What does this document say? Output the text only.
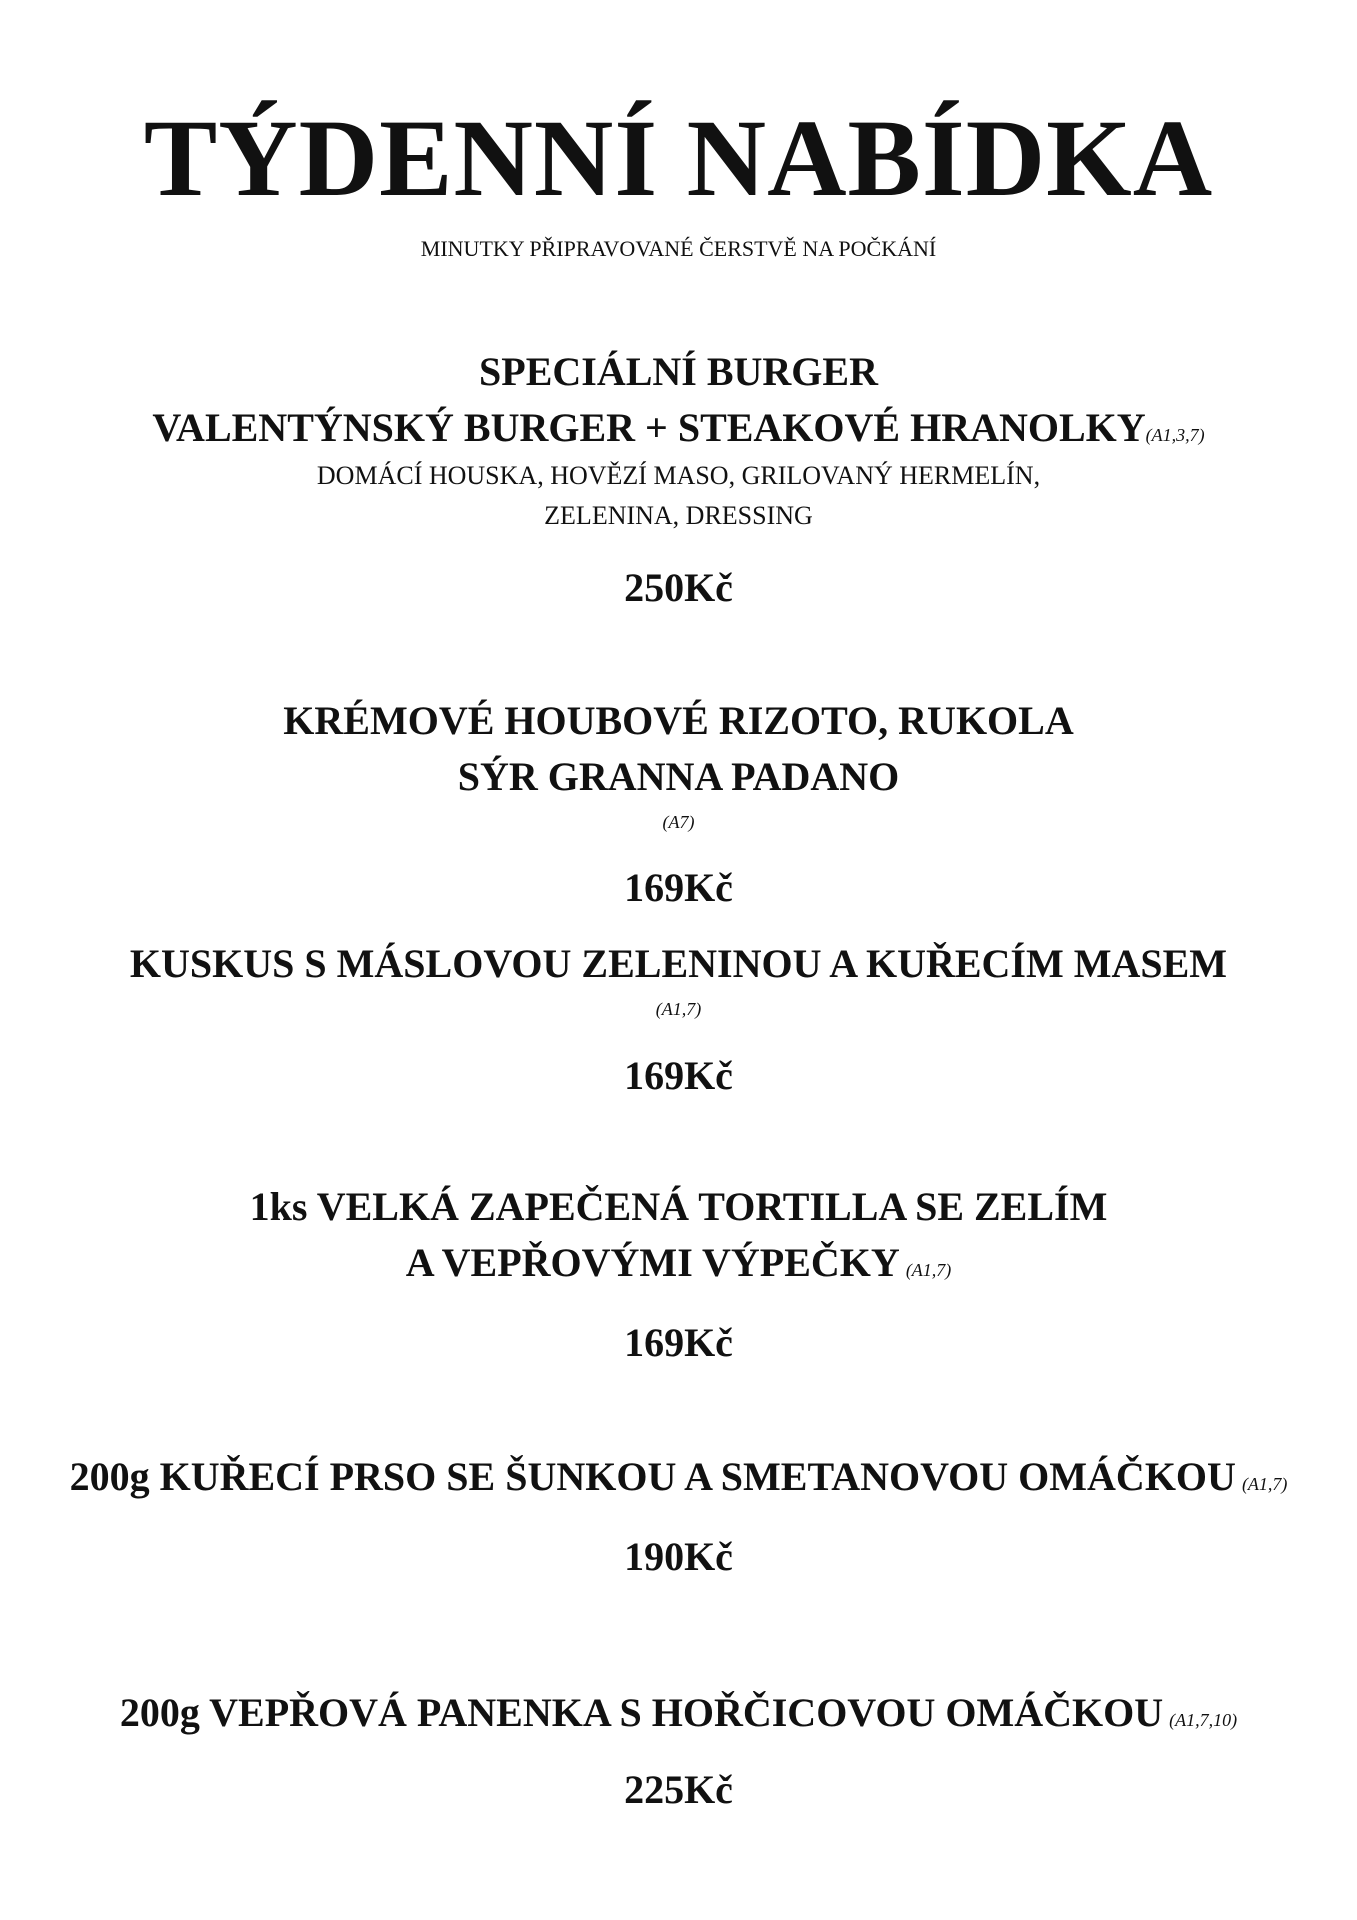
TÝDENNÍ NABÍDKA
MINUTKY PŘIPRAVOVANÉ ČERSTVĚ NA POČKÁNÍ
SPECIÁLNÍ BURGER
VALENTÝNSKÝ BURGER + STEAKOVÉ HRANOLKY(A1,3,7)
DOMÁCÍ HOUSKA, HOVĚZÍ MASO, GRILOVANÝ HERMELÍN,
ZELENINA, DRESSING
250Kč
KRÉMOVÉ HOUBOVÉ RIZOTO, RUKOLA
SÝR GRANNA PADANO
(A7)
169Kč
KUSKUS S MÁSLOVOU ZELENINOU A KUŘECÍM MASEM
(A1,7)
169Kč
1ks VELKÁ ZAPEČENÁ TORTILLA SE ZELÍM
A VEPŘOVÝMI VÝPEČKY (A1,7)
169Kč
200g KUŘECÍ PRSO SE ŠUNKOU A SMETANOVOU OMÁČKOU (A1,7)
190Kč
200g VEPŘOVÁ PANENKA S HOŘČICOVOU OMÁČKOU (A1,7,10)
225Kč
